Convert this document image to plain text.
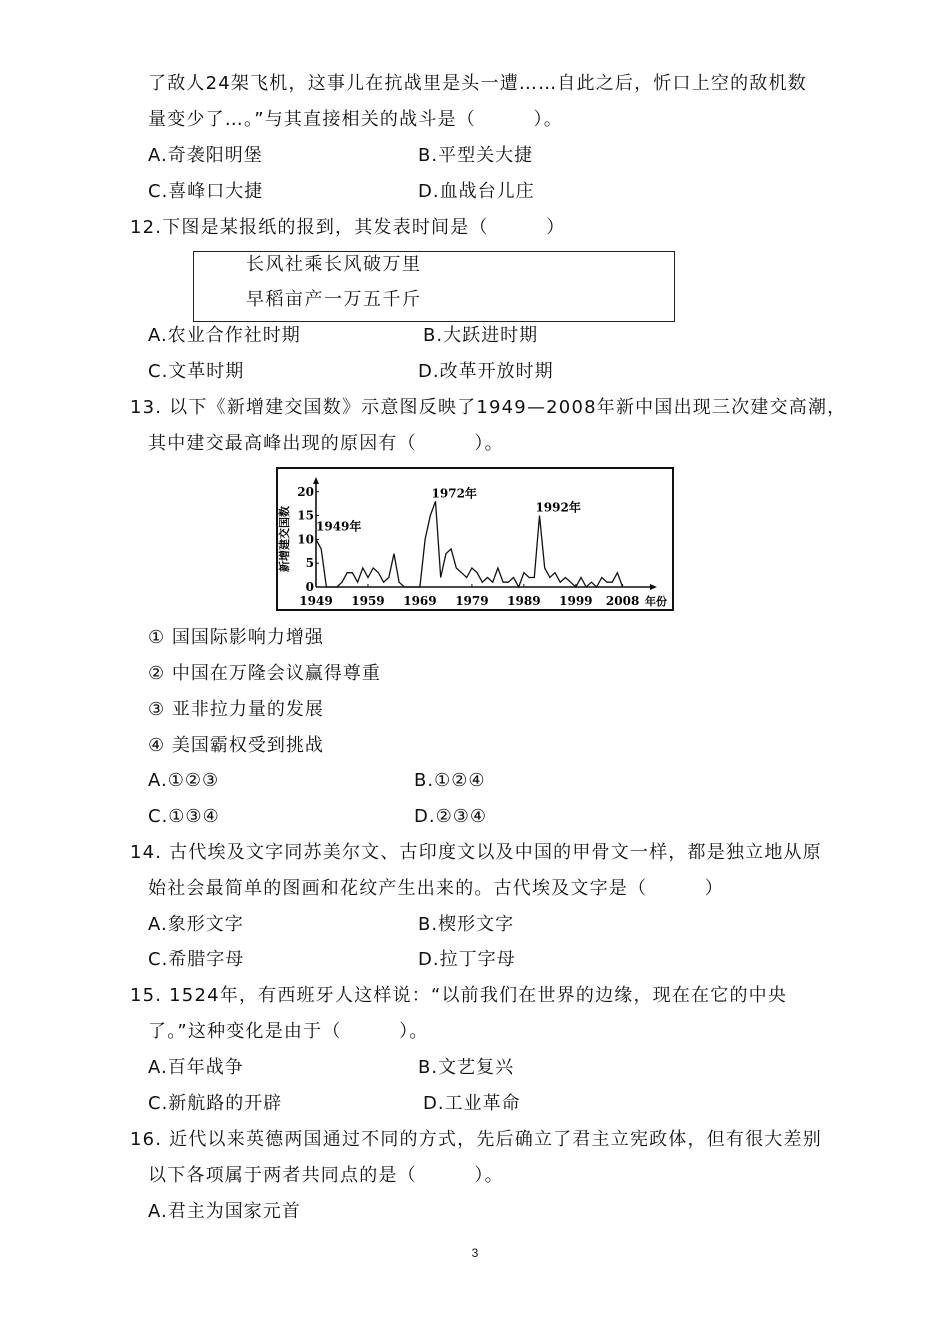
了敌人24架飞机，这事儿在抗战里是头一遭……自此之后，忻口上空的敌机数
量变少了…。”与其直接相关的战斗是（　　　）。
A.奇袭阳明堡	B.平型关大捷
C.喜峰口大捷	D.血战台儿庄
12.下图是某报纸的报到，其发表时间是（　　　）
长风社乘长风破万里
早稻亩产一万五千斤
A.农业合作社时期	B.大跃进时期
C.文革时期	D.改革开放时期
13. 以下《新增建交国数》示意图反映了1949—2008年新中国出现三次建交高潮，
其中建交最高峰出现的原因有（　　　）。
0
5
10
15
20
新增建交国数
1949 1959 1969 1979 1989 1999 2008 年份
1949年
1972年
1992年
① 国国际影响力增强
② 中国在万隆会议赢得尊重
③ 亚非拉力量的发展
④ 美国霸权受到挑战
A.①②③	B.①②④
C.①③④	D.②③④
14. 古代埃及文字同苏美尔文、古印度文以及中国的甲骨文一样，都是独立地从原
始社会最简单的图画和花纹产生出来的。古代埃及文字是（　　　）
A.象形文字	B.楔形文字
C.希腊字母	D.拉丁字母
15. 1524年，有西班牙人这样说：“以前我们在世界的边缘，现在在它的中央
了。”这种变化是由于（　　　）。
A.百年战争	B.文艺复兴
C.新航路的开辟	D.工业革命
16. 近代以来英德两国通过不同的方式，先后确立了君主立宪政体，但有很大差别
以下各项属于两者共同点的是（　　　）。
A.君主为国家元首
3
